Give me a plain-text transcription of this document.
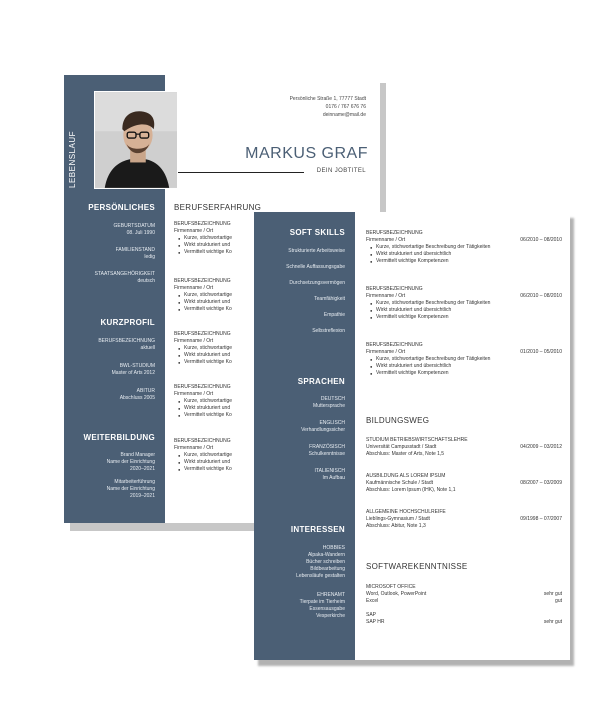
LEBENSLAUF
PERSÖNLICHES
GEBURTSDATUM
08. Juli 1990
FAMILIENSTAND
ledig
STAATSANGEHÖRIGKEIT
deutsch
KURZPROFIL
BERUFSBEZEICHNUNG
aktuell
BWL-STUDIUM
Master of Arts 2012
ABITUR
Abschluss 2005
WEITERBILDUNG
Brand Manager
Name der Einrichtung
2020–2021
Mitarbeiterführung
Name der Einrichtung
2019–2021
Persönliche Straße 1, 77777 Stadt
0176 / 767 676 76
deinname@mail.de
MARKUS GRAF
DEIN JOBTITEL
BERUFSERFAHRUNG
BERUFSBEZEICHNUNG
Firmenname / Ort
● Kurze, stichwortartige
● Wirkt strukturiert und
● Vermittelt wichtige Ko
BERUFSBEZEICHNUNG
Firmenname / Ort
● Kurze, stichwortartige
● Wirkt strukturiert und
● Vermittelt wichtige Ko
BERUFSBEZEICHNUNG
Firmenname / Ort
● Kurze, stichwortartige
● Wirkt strukturiert und
● Vermittelt wichtige Ko
BERUFSBEZEICHNUNG
Firmenname / Ort
● Kurze, stichwortartige
● Wirkt strukturiert und
● Vermittelt wichtige Ko
BERUFSBEZEICHNUNG
Firmenname / Ort
● Kurze, stichwortartige
● Wirkt strukturiert und
● Vermittelt wichtige Ko
SOFT SKILLS
Strukturierte Arbeitsweise
Schnelle Auffassungsgabe
Durchsetzungsvermögen
Teamfähigkeit
Empathie
Selbstreflexion
SPRACHEN
DEUTSCH
Muttersprache
ENGLISCH
Verhandlungssicher
FRANZÖSISCH
Schulkenntnisse
ITALIENISCH
Im Aufbau
INTERESSEN
HOBBIES
Alpaka-Wandern
Bücher schreiben
Bildbearbeitung
Lebensläufe gestalten
EHRENAMT
Tierpate im Tierheim
Essensausgabe
Vesperkirche
BERUFSBEZEICHNUNG
Firmenname / Ort	06/2010 – 08/2010
● Kurze, stichwortartige Beschreibung der Tätigkeiten
● Wirkt strukturiert und übersichtlich
● Vermittelt wichtige Kompetenzen
BERUFSBEZEICHNUNG
Firmenname / Ort	06/2010 – 08/2010
● Kurze, stichwortartige Beschreibung der Tätigkeiten
● Wirkt strukturiert und übersichtlich
● Vermittelt wichtige Kompetenzen
BERUFSBEZEICHNUNG
Firmenname / Ort	01/2010 – 05/2010
● Kurze, stichwortartige Beschreibung der Tätigkeiten
● Wirkt strukturiert und übersichtlich
● Vermittelt wichtige Kompetenzen
BILDUNGSWEG
STUDIUM BETRIEBSWIRTSCHAFTSLEHRE
Universität Campusstadt / Stadt	04/2009 – 03/2012
Abschluss: Master of Arts, Note 1,5
AUSBILDUNG ALS LOREM IPSUM
Kaufmännische Schule / Stadt	08/2007 – 03/2009
Abschluss: Lorem Ipsum (IHK), Note 1,1
ALLGEMEINE HOCHSCHULREIFE
Lieblings-Gymnasium / Stadt	09/1998 – 07/2007
Abschluss: Abitur, Note 1,3
SOFTWAREKENNTNISSE
MICROSOFT OFFICE
Word, Outlook, PowerPoint	sehr gut
Excel	gut
SAP
SAP HR	sehr gut
